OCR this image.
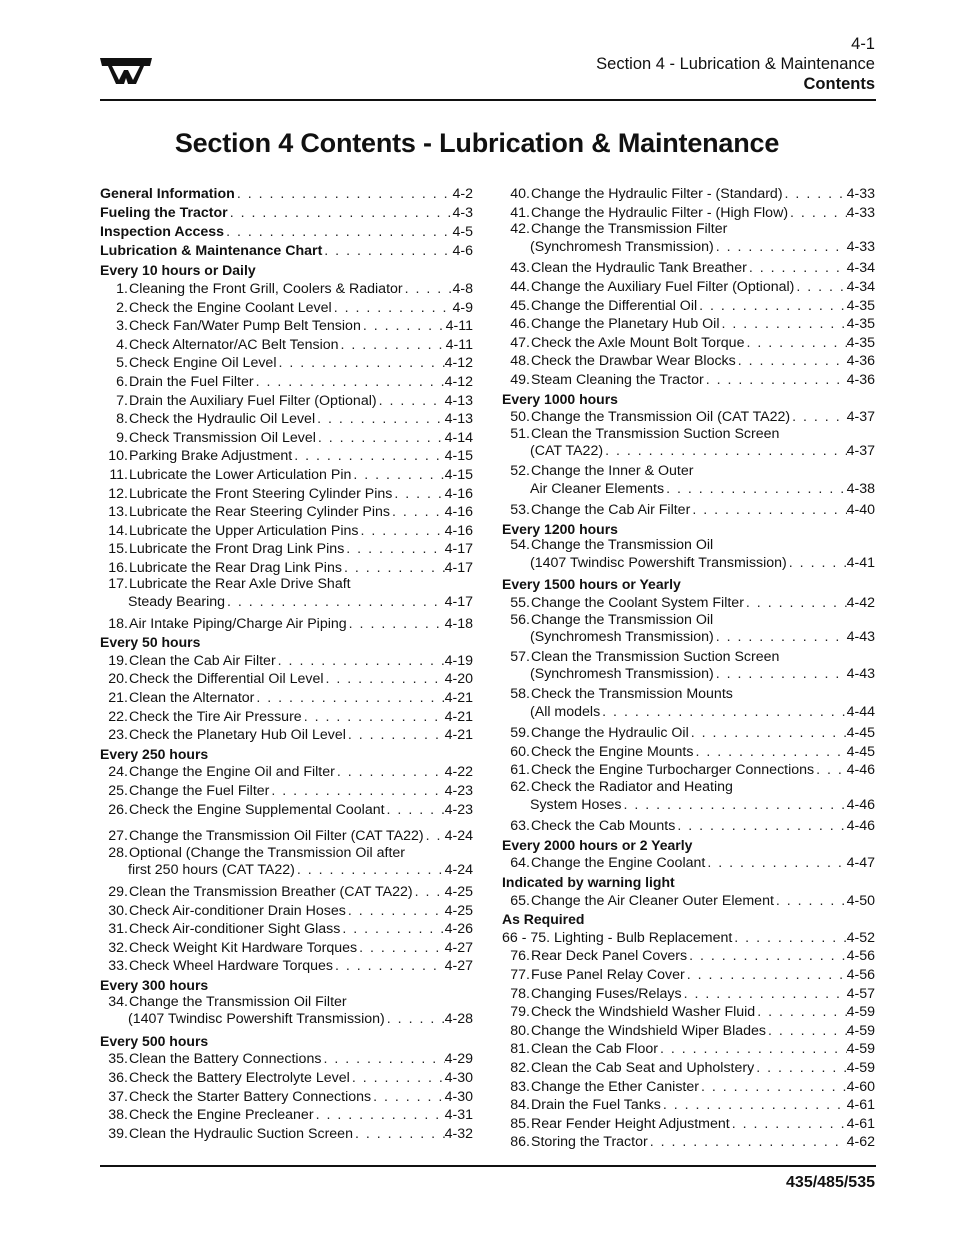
4-1
Section 4 - Lubrication & Maintenance
Contents
Section 4 Contents - Lubrication & Maintenance
General Information . . .	4-2
Fueling the Tractor . . .	4-3
Inspection Access . . .	4-5
Lubrication & Maintenance Chart . . .	4-6
Every 10 hours or Daily
1. Cleaning the Front Grill, Coolers & Radiator . . .	4-8
2. Check the Engine Coolant Level . . .	4-9
3. Check Fan/Water Pump Belt Tension . . .	4-11
4. Check Alternator/AC Belt Tension . . .	4-11
5. Check Engine Oil Level . . .	4-12
6. Drain the Fuel Filter . . .	4-12
7. Drain the Auxiliary Fuel Filter (Optional) . . .	4-13
8. Check the Hydraulic Oil Level . . .	4-13
9. Check Transmission Oil Level . . .	4-14
10. Parking Brake Adjustment . . .	4-15
11. Lubricate the Lower Articulation Pin . . .	4-15
12. Lubricate the Front Steering Cylinder Pins . . .	4-16
13. Lubricate the Rear Steering Cylinder Pins . . .	4-16
14. Lubricate the Upper Articulation Pins . . .	4-16
15. Lubricate the Front Drag Link Pins . . .	4-17
16. Lubricate the Rear Drag Link Pins . . .	4-17
17. Lubricate the Rear Axle Drive Shaft
Steady Bearing . . .	4-17
18. Air Intake Piping/Charge Air Piping . . .	4-18
Every 50 hours
19. Clean the Cab Air Filter . . .	4-19
20. Check the Differential Oil Level . . .	4-20
21. Clean the Alternator . . .	4-21
22. Check the Tire Air Pressure . . .	4-21
23. Check the Planetary Hub Oil Level . . .	4-21
Every 250 hours
24. Change the Engine Oil and Filter . . .	4-22
25. Change the Fuel Filter . . .	4-23
26. Check the Engine Supplemental Coolant . . .	4-23
27. Change the Transmission Oil Filter (CAT TA22) . . . 4-24
28. Optional (Change the Transmission Oil after
first 250 hours (CAT TA22) . . .	4-24
29. Clean the Transmission Breather (CAT TA22) . . . 4-25
30. Check Air-conditioner Drain Hoses . . .	4-25
31. Check Air-conditioner Sight Glass . . .	4-26
32. Check Weight Kit Hardware Torques . . .	4-27
33. Check Wheel Hardware Torques . . .	4-27
Every 300 hours
34. Change the Transmission Oil Filter
(1407 Twindisc Powershift Transmission) . . .	4-28
Every 500 hours
35. Clean the Battery Connections . . .	4-29
36. Check the Battery Electrolyte Level . . .	4-30
37. Check the Starter Battery Connections . . .	4-30
38. Check the Engine Precleaner . . .	4-31
39. Clean the Hydraulic Suction Screen . . .	4-32
40. Change the Hydraulic Filter - (Standard) . . .	4-33
41. Change the Hydraulic Filter - (High Flow) . . .	4-33
42. Change the Transmission Filter
(Synchromesh Transmission) . . .	4-33
43. Clean the Hydraulic Tank Breather . . .	4-34
44. Change the Auxiliary Fuel Filter (Optional) . . .	4-34
45. Change the Differential Oil . . .	4-35
46. Change the Planetary Hub Oil . . .	4-35
47. Check the Axle Mount Bolt Torque . . .	4-35
48. Check the Drawbar Wear Blocks . . .	4-36
49. Steam Cleaning the Tractor . . .	4-36
Every 1000 hours
50. Change the Transmission Oil (CAT TA22) . . .	4-37
51. Clean the Transmission Suction Screen
(CAT TA22) . . .	4-37
52. Change the Inner & Outer
Air Cleaner Elements . . .	4-38
53. Change the Cab Air Filter . . .	4-40
Every 1200 hours
54. Change the Transmission Oil
(1407 Twindisc Powershift Transmission) . . .	4-41
Every 1500 hours or Yearly
55. Change the Coolant System Filter . . .	4-42
56. Change the Transmission Oil
(Synchromesh Transmission) . . .	4-43
57. Clean the Transmission Suction Screen
(Synchromesh Transmission) . . .	4-43
58. Check the Transmission Mounts
(All models . . .	4-44
59. Change the Hydraulic Oil . . .	4-45
60. Check the Engine Mounts . . .	4-45
61. Check the Engine Turbocharger Connections . . . 4-46
62. Check the Radiator and Heating
System Hoses . . .	4-46
63. Check the Cab Mounts . . .	4-46
Every 2000 hours or 2 Yearly
64. Change the Engine Coolant . . .	4-47
Indicated by warning light
65. Change the Air Cleaner Outer Element . . .	4-50
As Required
66 - 75. Lighting - Bulb Replacement . . .	4-52
76. Rear Deck Panel Covers . . .	4-56
77. Fuse Panel Relay Cover . . .	4-56
78. Changing Fuses/Relays . . .	4-57
79. Check the Windshield Washer Fluid . . .	4-59
80. Change the Windshield Wiper Blades . . .	4-59
81. Clean the Cab Floor . . .	4-59
82. Clean the Cab Seat and Upholstery . . .	4-59
83. Change the Ether Canister . . .	4-60
84. Drain the Fuel Tanks . . .	4-61
85. Rear Fender Height Adjustment . . .	4-61
86. Storing the Tractor . . .	4-62
435/485/535
